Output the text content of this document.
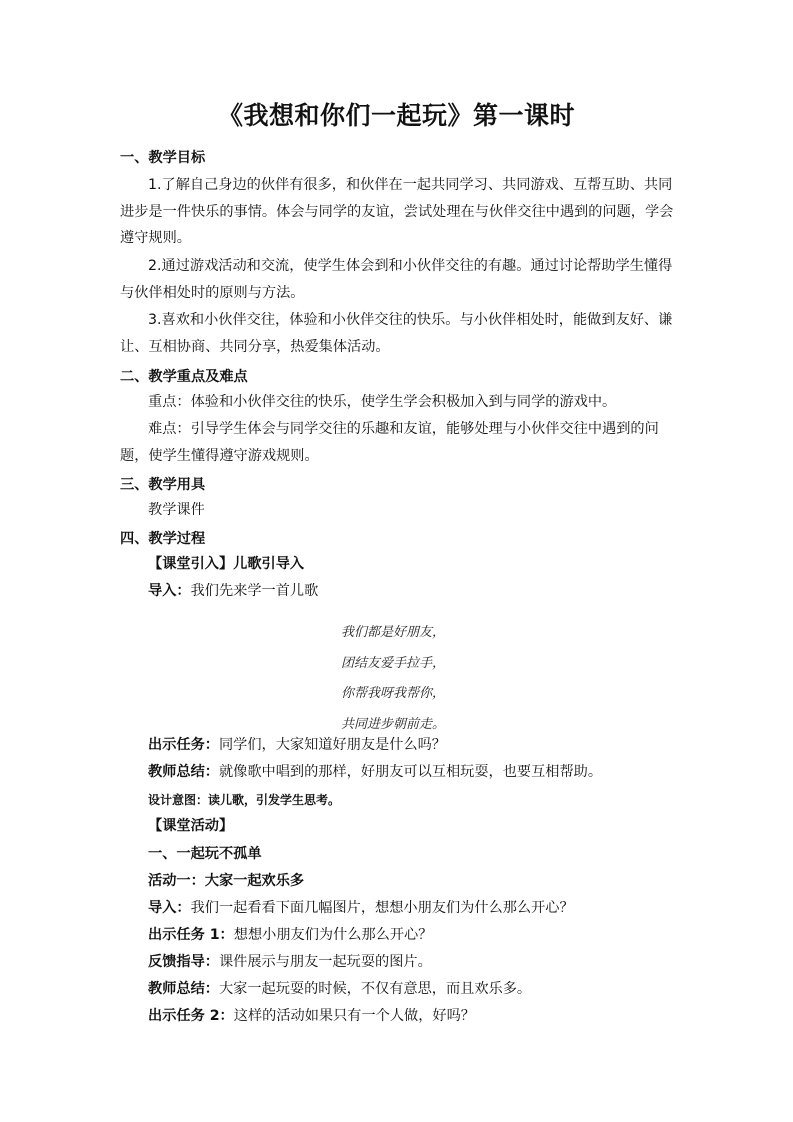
《我想和你们一起玩》第一课时
一、教学目标
1.了解自己身边的伙伴有很多，和伙伴在一起共同学习、共同游戏、互帮互助、共同进步是一件快乐的事情。体会与同学的友谊，尝试处理在与伙伴交往中遇到的问题，学会遵守规则。
2.通过游戏活动和交流，使学生体会到和小伙伴交往的有趣。通过讨论帮助学生懂得与伙伴相处时的原则与方法。
3.喜欢和小伙伴交往，体验和小伙伴交往的快乐。与小伙伴相处时，能做到友好、谦让、互相协商、共同分享，热爱集体活动。
二、教学重点及难点
重点：体验和小伙伴交往的快乐，使学生学会积极加入到与同学的游戏中。
难点：引导学生体会与同学交往的乐趣和友谊，能够处理与小伙伴交往中遇到的问题，使学生懂得遵守游戏规则。
三、教学用具
教学课件
四、教学过程
【课堂引入】儿歌引导入
导入：我们先来学一首儿歌
我们都是好朋友，
团结友爱手拉手，
你帮我呀我帮你，
共同进步朝前走。
出示任务：同学们，大家知道好朋友是什么吗？
教师总结：就像歌中唱到的那样，好朋友可以互相玩耍，也要互相帮助。
设计意图：读儿歌，引发学生思考。
【课堂活动】
一、一起玩不孤单
活动一：大家一起欢乐多
导入：我们一起看看下面几幅图片，想想小朋友们为什么那么开心？
出示任务 1：想想小朋友们为什么那么开心？
反馈指导：课件展示与朋友一起玩耍的图片。
教师总结：大家一起玩耍的时候，不仅有意思，而且欢乐多。
出示任务 2：这样的活动如果只有一个人做，好吗？
